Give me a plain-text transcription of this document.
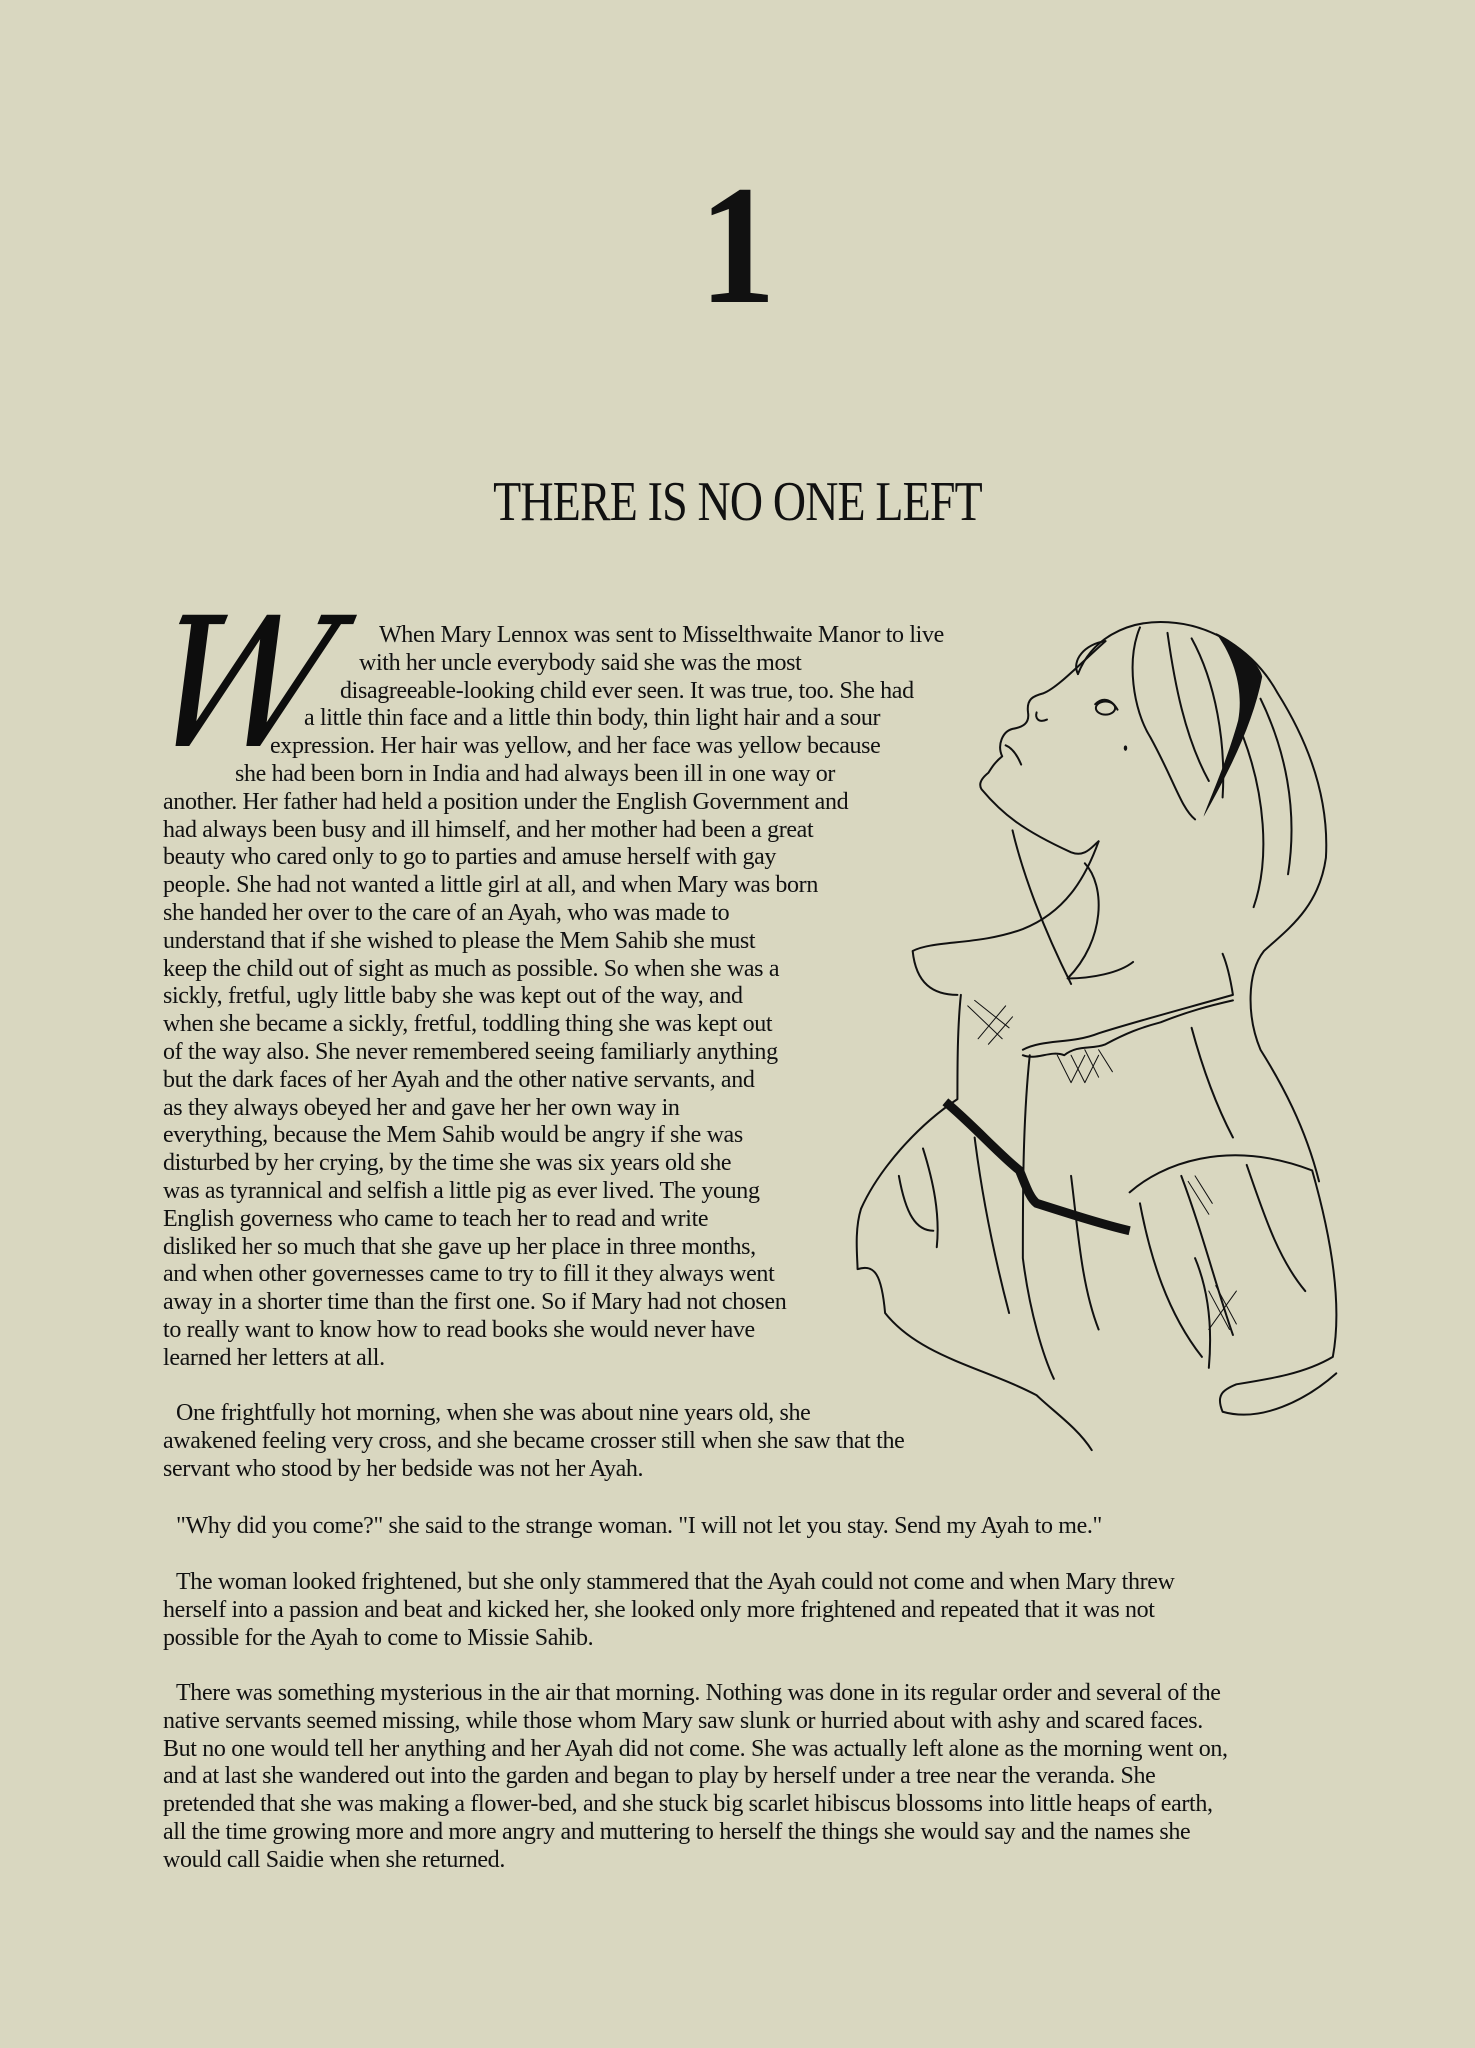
1
THERE IS NO ONE LEFT
W When Mary Lennox was sent to Misselthwaite Manor to live
with her uncle everybody said she was the most
disagreeable-looking child ever seen. It was true, too. She had
a little thin face and a little thin body, thin light hair and a sour
expression. Her hair was yellow, and her face was yellow because
she had been born in India and had always been ill in one way or
another. Her father had held a position under the English Government and
had always been busy and ill himself, and her mother had been a great
beauty who cared only to go to parties and amuse herself with gay
people. She had not wanted a little girl at all, and when Mary was born
she handed her over to the care of an Ayah, who was made to
understand that if she wished to please the Mem Sahib she must
keep the child out of sight as much as possible. So when she was a
sickly, fretful, ugly little baby she was kept out of the way, and
when she became a sickly, fretful, toddling thing she was kept out
of the way also. She never remembered seeing familiarly anything
but the dark faces of her Ayah and the other native servants, and
as they always obeyed her and gave her her own way in
everything, because the Mem Sahib would be angry if she was
disturbed by her crying, by the time she was six years old she
was as tyrannical and selfish a little pig as ever lived. The young
English governess who came to teach her to read and write
disliked her so much that she gave up her place in three months,
and when other governesses came to try to fill it they always went
away in a shorter time than the first one. So if Mary had not chosen
to really want to know how to read books she would never have
learned her letters at all.
One frightfully hot morning, when she was about nine years old, she
awakened feeling very cross, and she became crosser still when she saw that the
servant who stood by her bedside was not her Ayah.
"Why did you come?" she said to the strange woman. "I will not let you stay. Send my Ayah to me."
The woman looked frightened, but she only stammered that the Ayah could not come and when Mary threw
herself into a passion and beat and kicked her, she looked only more frightened and repeated that it was not
possible for the Ayah to come to Missie Sahib.
There was something mysterious in the air that morning. Nothing was done in its regular order and several of the
native servants seemed missing, while those whom Mary saw slunk or hurried about with ashy and scared faces.
But no one would tell her anything and her Ayah did not come. She was actually left alone as the morning went on,
and at last she wandered out into the garden and began to play by herself under a tree near the veranda. She
pretended that she was making a flower-bed, and she stuck big scarlet hibiscus blossoms into little heaps of earth,
all the time growing more and more angry and muttering to herself the things she would say and the names she
would call Saidie when she returned.
